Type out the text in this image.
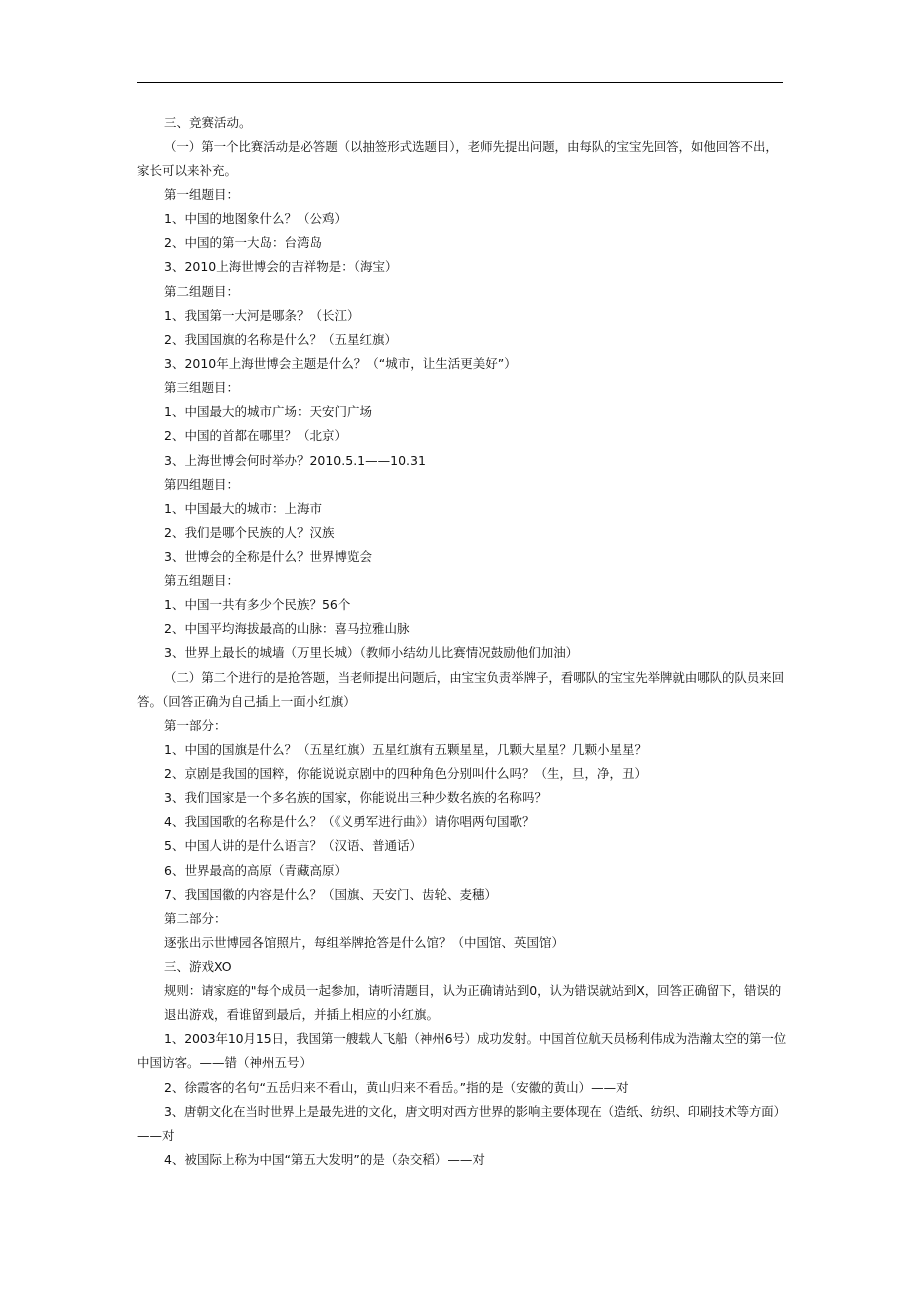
三、竞赛活动。
（一）第一个比赛活动是必答题（以抽签形式选题目），老师先提出问题，由每队的宝宝先回答，如他回答不出，
家长可以来补充。
第一组题目：
1、中国的地图象什么？（公鸡）
2、中国的第一大岛：台湾岛
3、2010上海世博会的吉祥物是：（海宝）
第二组题目：
1、我国第一大河是哪条？（长江）
2、我国国旗的名称是什么？（五星红旗）
3、2010年上海世博会主题是什么？（“城市，让生活更美好”）
第三组题目：
1、中国最大的城市广场：天安门广场
2、中国的首都在哪里？（北京）
3、上海世博会何时举办？2010.5.1——10.31
第四组题目：
1、中国最大的城市：上海市
2、我们是哪个民族的人？汉族
3、世博会的全称是什么？世界博览会
第五组题目：
1、中国一共有多少个民族？56个
2、中国平均海拔最高的山脉：喜马拉雅山脉
3、世界上最长的城墙（万里长城）（教师小结幼儿比赛情况鼓励他们加油）
（二）第二个进行的是抢答题，当老师提出问题后，由宝宝负责举牌子，看哪队的宝宝先举牌就由哪队的队员来回
答。（回答正确为自己插上一面小红旗）
第一部分：
1、中国的国旗是什么？（五星红旗）五星红旗有五颗星星，几颗大星星？几颗小星星？
2、京剧是我国的国粹，你能说说京剧中的四种角色分别叫什么吗？（生，旦，净，丑）
3、我们国家是一个多名族的国家，你能说出三种少数名族的名称吗？
4、我国国歌的名称是什么？（《义勇军进行曲》）请你唱两句国歌？
5、中国人讲的是什么语言？（汉语、普通话）
6、世界最高的高原（青藏高原）
7、我国国徽的内容是什么？（国旗、天安门、齿轮、麦穗）
第二部分：
逐张出示世博园各馆照片，每组举牌抢答是什么馆？（中国馆、英国馆）
三、游戏XO
规则：请家庭的"每个成员一起参加，请听清题目，认为正确请站到0，认为错误就站到X，回答正确留下，错误的
退出游戏，看谁留到最后，并插上相应的小红旗。
1、2003年10月15日，我国第一艘载人飞船（神州6号）成功发射。中国首位航天员杨利伟成为浩瀚太空的第一位
中国访客。——错（神州五号）
2、徐霞客的名句“五岳归来不看山，黄山归来不看岳。”指的是（安徽的黄山）——对
3、唐朝文化在当时世界上是最先进的文化，唐文明对西方世界的影响主要体现在（造纸、纺织、印刷技术等方面）
——对
4、被国际上称为中国“第五大发明”的是（杂交稻）——对
